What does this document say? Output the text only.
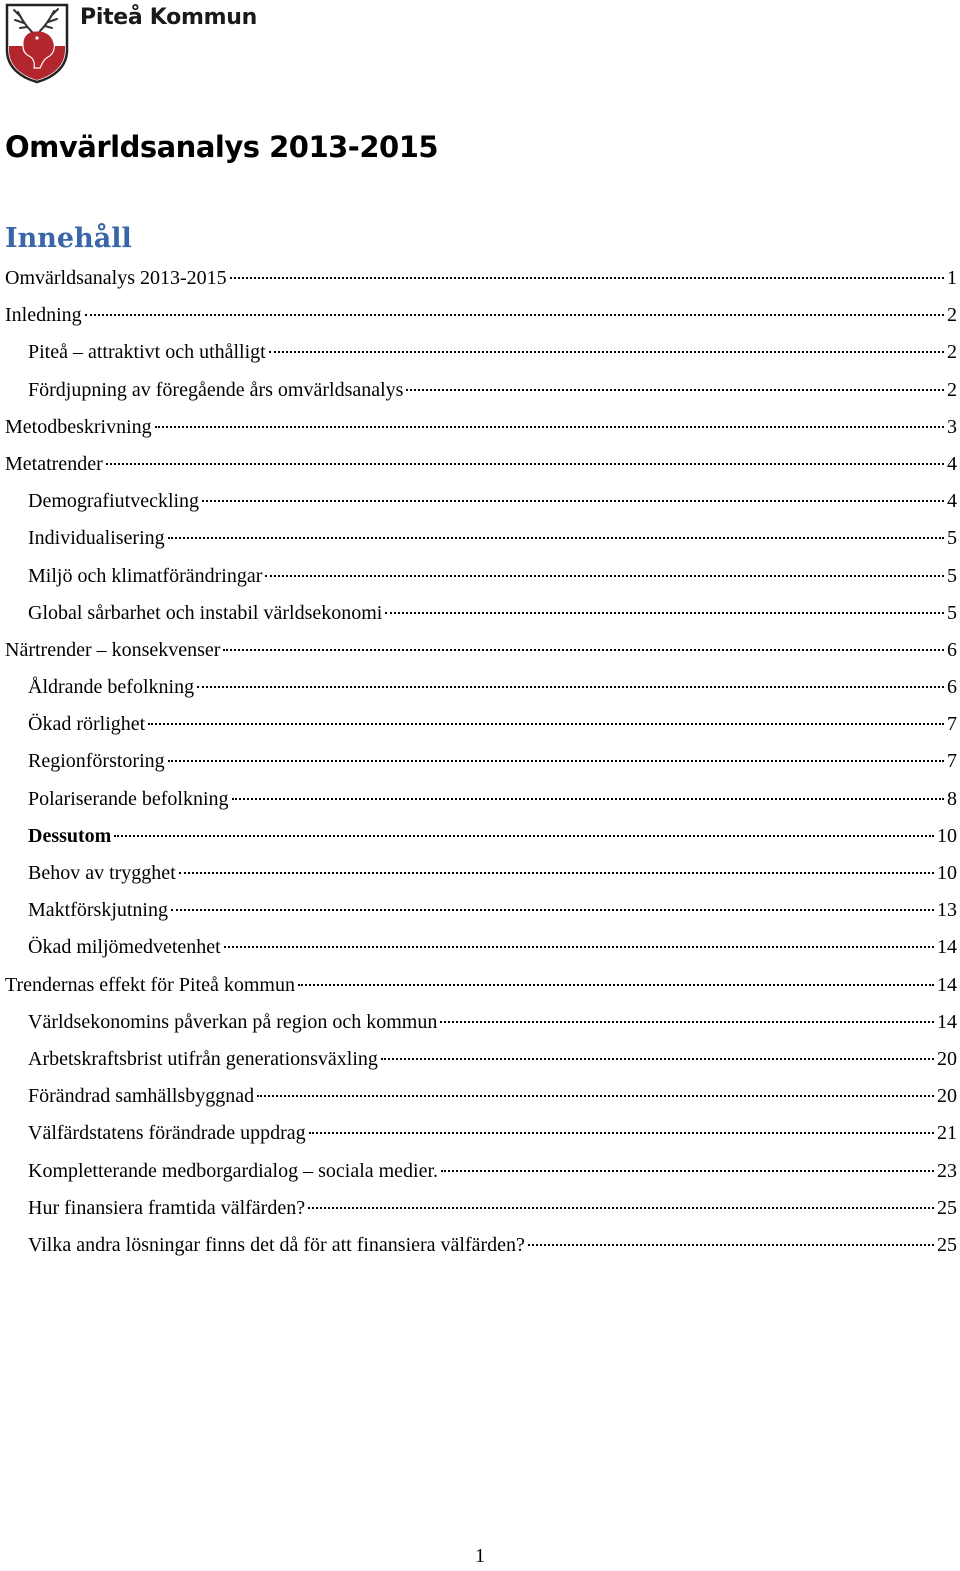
Piteå Kommun
Omvärldsanalys 2013-2015
Innehåll
Omvärldsanalys 2013-2015	1
Inledning	2
Piteå – attraktivt och uthålligt	2
Fördjupning av föregående års omvärldsanalys	2
Metodbeskrivning	3
Metatrender	4
Demografiutveckling	4
Individualisering	5
Miljö och klimatförändringar	5
Global sårbarhet och instabil världsekonomi	5
Närtrender – konsekvenser	6
Åldrande befolkning	6
Ökad rörlighet	7
Regionförstoring	7
Polariserande befolkning	8
Dessutom	10
Behov av trygghet	10
Maktförskjutning	13
Ökad miljömedvetenhet	14
Trendernas effekt för Piteå kommun	14
Världsekonomins påverkan på region och kommun	14
Arbetskraftsbrist utifrån generationsväxling	20
Förändrad samhällsbyggnad	20
Välfärdstatens förändrade uppdrag	21
Kompletterande medborgardialog – sociala medier.	23
Hur finansiera framtida välfärden?	25
Vilka andra lösningar finns det då för att finansiera välfärden?	25
1
